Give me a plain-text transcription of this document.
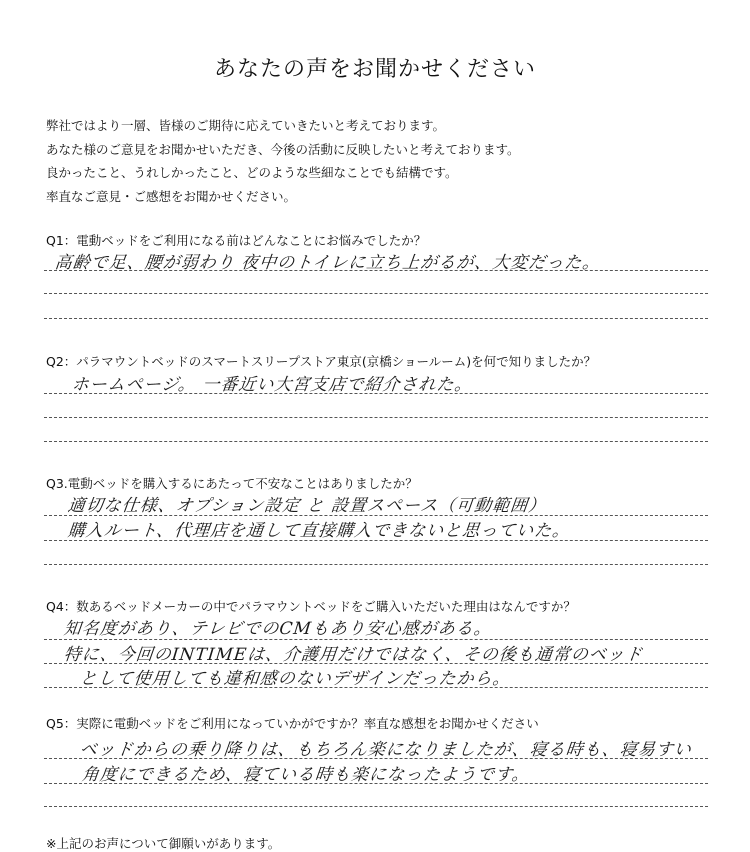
あなたの声をお聞かせください
弊社ではより一層、皆様のご期待に応えていきたいと考えております。
あなた様のご意見をお聞かせいただき、今後の活動に反映したいと考えております。
良かったこと、うれしかったこと、どのような些細なことでも結構です。
率直なご意見・ご感想をお聞かせください。
Q1：電動ベッドをご利用になる前はどんなことにお悩みでしたか？
高齢で足、腰が弱わり 夜中のトイレに立ち上がるが、大変だった。
Q2：パラマウントベッドのスマートスリープストア東京(京橋ショールーム)を何で知りましたか？
ホームページ。 一番近い大宮支店で紹介された。
Q3.電動ベッドを購入するにあたって不安なことはありましたか？
適切な仕様、オプション設定 と 設置スペース（可動範囲）
購入ルート、代理店を通して直接購入できないと思っていた。
Q4：数あるベッドメーカーの中でパラマウントベッドをご購入いただいた理由はなんですか？
知名度があり、テレビでのCMもあり安心感がある。
特に、今回のINTIMEは、介護用だけではなく、その後も通常のベッド
として使用しても違和感のないデザインだったから。
Q5：実際に電動ベッドをご利用になっていかがですか？率直な感想をお聞かせください
ベッドからの乗り降りは、もちろん楽になりましたが、寝る時も、寝易すい
角度にできるため、寝ている時も楽になったようです。
※上記のお声について御願いがあります。
